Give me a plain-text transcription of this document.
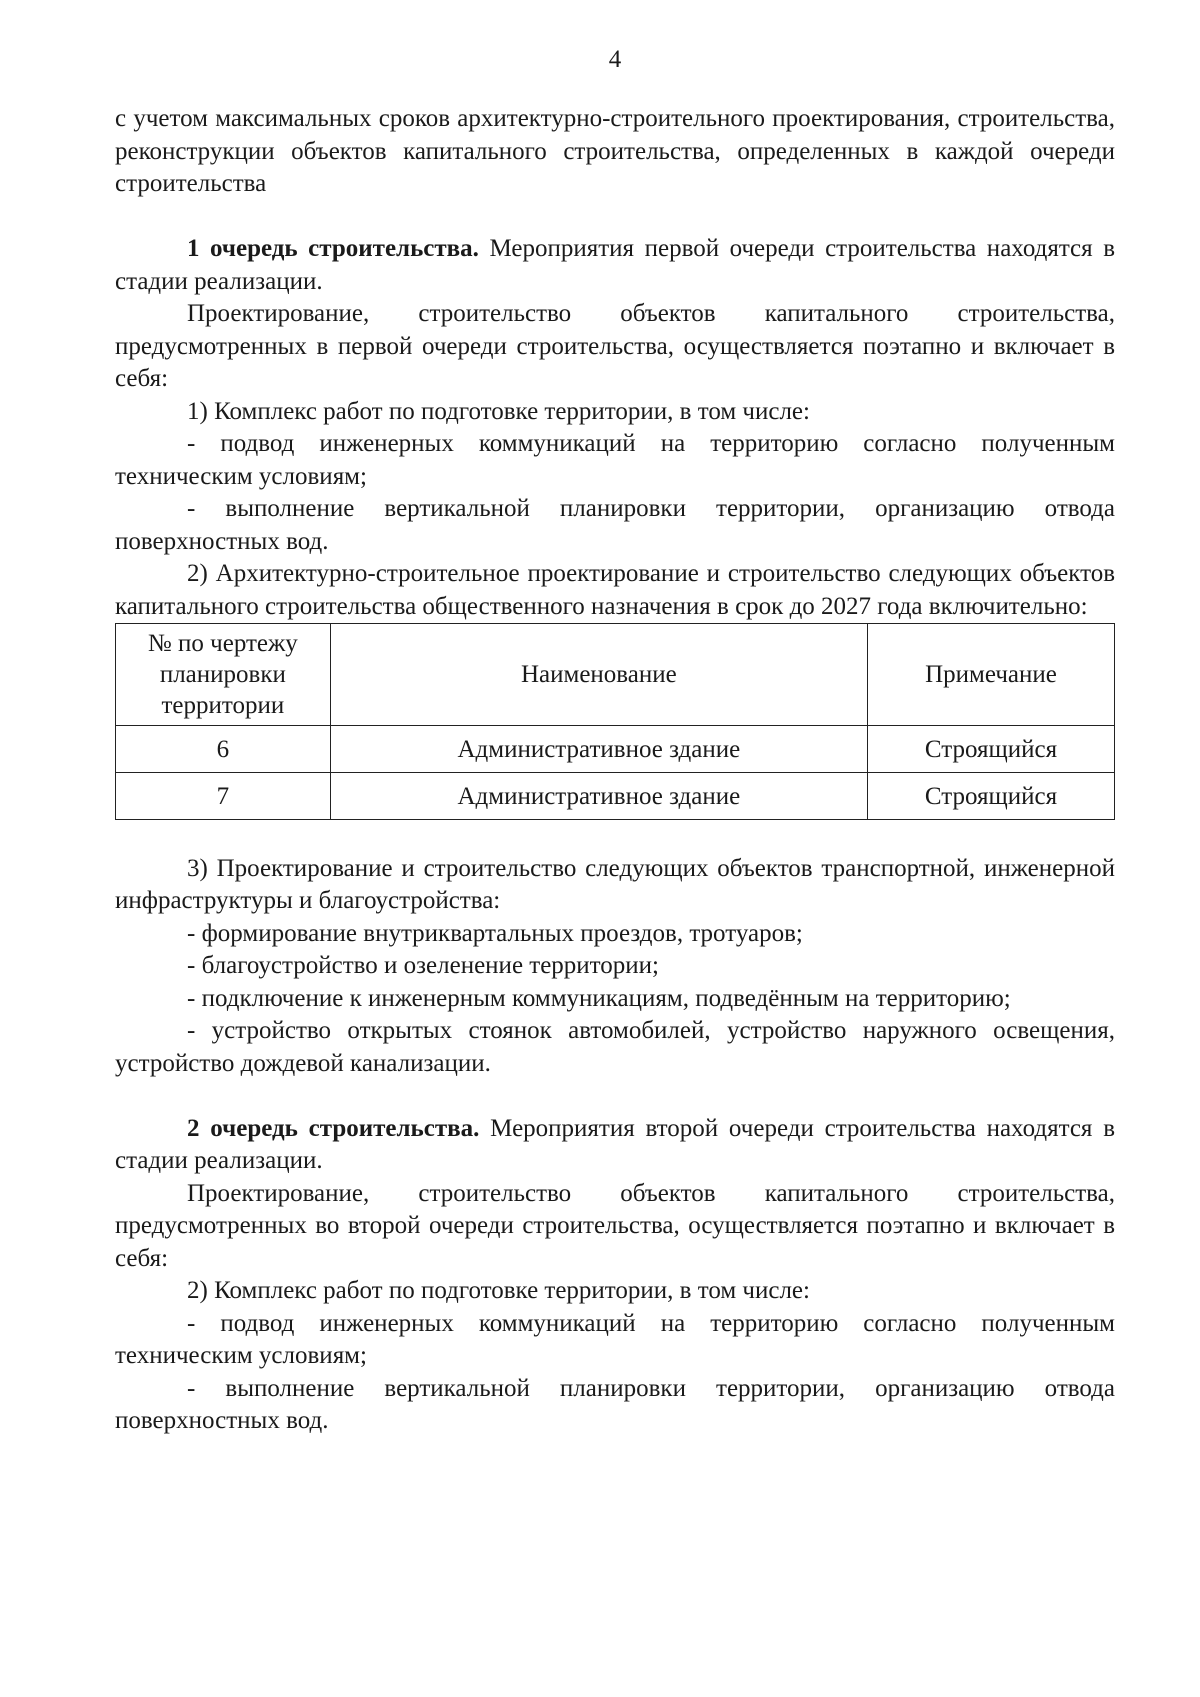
4

с учетом максимальных сроков архитектурно-строительного проектирования, строительства, реконструкции объектов капитального строительства, определенных в каждой очереди строительства

1 очередь строительства. Мероприятия первой очереди строительства находятся в стадии реализации.

Проектирование, строительство объектов капитального строительства, предусмотренных в первой очереди строительства, осуществляется поэтапно и включает в себя:

1) Комплекс работ по подготовке территории, в том числе:

- подвод инженерных коммуникаций на территорию согласно полученным техническим условиям;

- выполнение вертикальной планировки территории, организацию отвода поверхностных вод.

2) Архитектурно-строительное проектирование и строительство следующих объектов капитального строительства общественного назначения в срок до 2027 года включительно:

№ по чертежу планировки территории	Наименование	Примечание
6	Административное здание	Строящийся
7	Административное здание	Строящийся

3) Проектирование и строительство следующих объектов транспортной, инженерной инфраструктуры и благоустройства:

- формирование внутриквартальных проездов, тротуаров;

- благоустройство и озеленение территории;

- подключение к инженерным коммуникациям, подведённым на территорию;

- устройство открытых стоянок автомобилей, устройство наружного освещения, устройство дождевой канализации.

2 очередь строительства. Мероприятия второй очереди строительства находятся в стадии реализации.

Проектирование, строительство объектов капитального строительства, предусмотренных во второй очереди строительства, осуществляется поэтапно и включает в себя:

2) Комплекс работ по подготовке территории, в том числе:

- подвод инженерных коммуникаций на территорию согласно полученным техническим условиям;

- выполнение вертикальной планировки территории, организацию отвода поверхностных вод.
